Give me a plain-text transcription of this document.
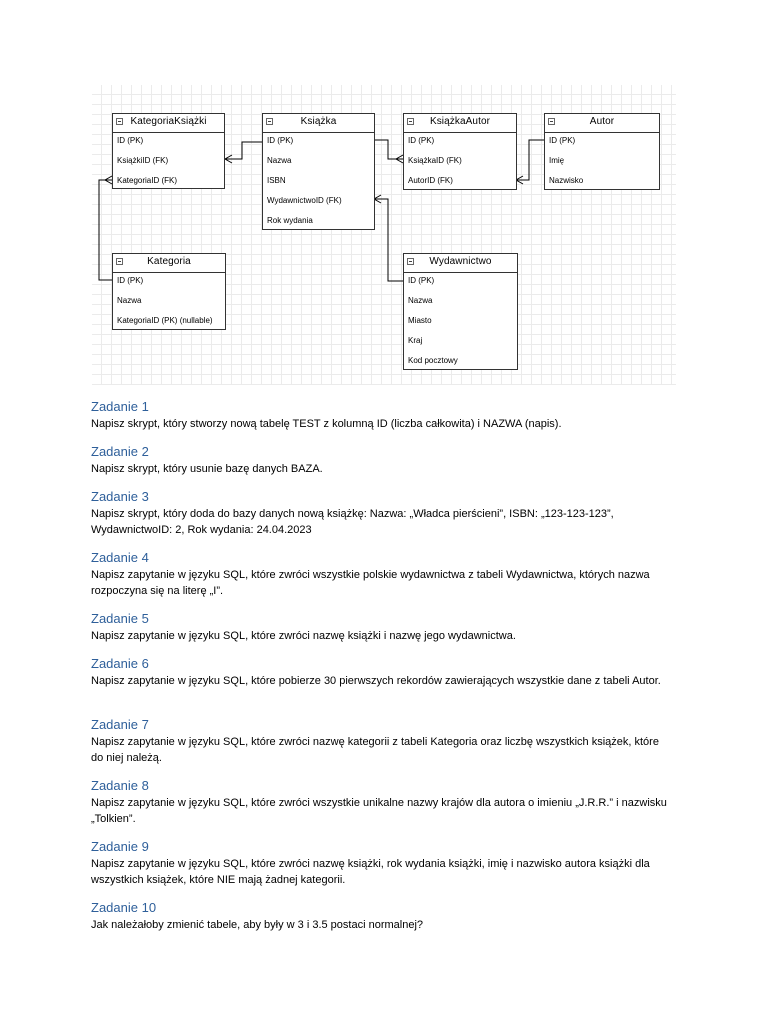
KategoriaKsiążki
ID (PK)
KsiążkiID (FK)
KategoriaID (FK)
Książka
ID (PK)
Nazwa
ISBN
WydawnictwoID (FK)
Rok wydania
KsiążkaAutor
ID (PK)
KsiążkaID (FK)
AutorID (FK)
Autor
ID (PK)
Imię
Nazwisko
Kategoria
ID (PK)
Nazwa
KategoriaID (PK) (nullable)
Wydawnictwo
ID (PK)
Nazwa
Miasto
Kraj
Kod pocztowy

Zadanie 1

Napisz skrypt, który stworzy nową tabelę TEST z kolumną ID (liczba całkowita) i NAZWA (napis).

Zadanie 2

Napisz skrypt, który usunie bazę danych BAZA.

Zadanie 3

Napisz skrypt, który doda do bazy danych nową książkę: Nazwa: „Władca pierścieni”, ISBN: „123-123-123”, WydawnictwoID: 2, Rok wydania: 24.04.2023

Zadanie 4

Napisz zapytanie w języku SQL, które zwróci wszystkie polskie wydawnictwa z tabeli Wydawnictwa, których nazwa rozpoczyna się na literę „I”.

Zadanie 5

Napisz zapytanie w języku SQL, które zwróci nazwę książki i nazwę jego wydawnictwa.

Zadanie 6

Napisz zapytanie w języku SQL, które pobierze 30 pierwszych rekordów zawierających wszystkie dane z tabeli Autor.

Zadanie 7

Napisz zapytanie w języku SQL, które zwróci nazwę kategorii z tabeli Kategoria oraz liczbę wszystkich książek, które do niej należą.

Zadanie 8

Napisz zapytanie w języku SQL, które zwróci wszystkie unikalne nazwy krajów dla autora o imieniu „J.R.R.” i nazwisku „Tolkien”.

Zadanie 9

Napisz zapytanie w języku SQL, które zwróci nazwę książki, rok wydania książki, imię i nazwisko autora książki dla wszystkich książek, które NIE mają żadnej kategorii.

Zadanie 10

Jak należałoby zmienić tabele, aby były w 3 i 3.5 postaci normalnej?
